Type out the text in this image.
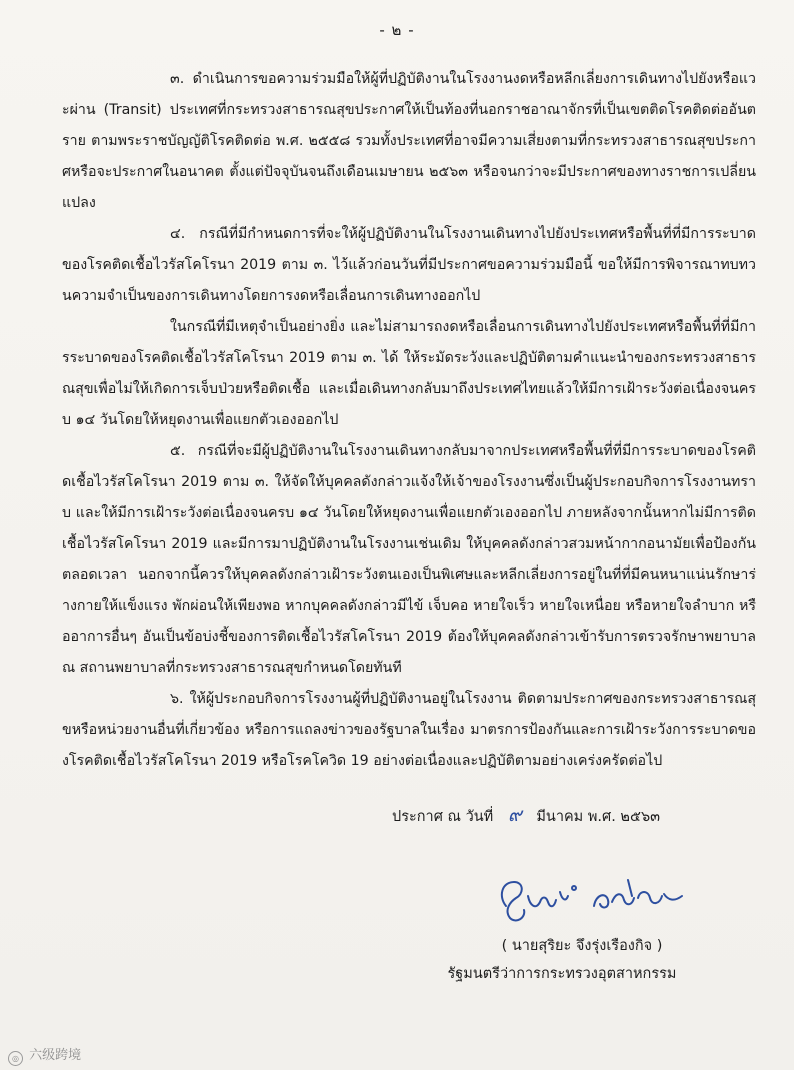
- ๒ -

๓. ดำเนินการขอความร่วมมือให้ผู้ที่ปฏิบัติงานในโรงงานงดหรือหลีกเลี่ยงการเดินทางไปยังหรือแวะผ่าน (Transit) ประเทศที่กระทรวงสาธารณสุขประกาศให้เป็นท้องที่นอกราชอาณาจักรที่เป็นเขตติดโรคติดต่ออันตราย ตามพระราชบัญญัติโรคติดต่อ พ.ศ. ๒๕๕๘ รวมทั้งประเทศที่อาจมีความเสี่ยงตามที่กระทรวงสาธารณสุขประกาศหรือจะประกาศในอนาคต ตั้งแต่ปัจจุบันจนถึงเดือนเมษายน ๒๕๖๓ หรือจนกว่าจะมีประกาศของทางราชการเปลี่ยนแปลง

๔. กรณีที่มีกำหนดการที่จะให้ผู้ปฏิบัติงานในโรงงานเดินทางไปยังประเทศหรือพื้นที่ที่มีการระบาดของโรคติดเชื้อไวรัสโคโรนา 2019 ตาม ๓. ไว้แล้วก่อนวันที่มีประกาศขอความร่วมมือนี้ ขอให้มีการพิจารณาทบทวนความจำเป็นของการเดินทางโดยการงดหรือเลื่อนการเดินทางออกไป

ในกรณีที่มีเหตุจำเป็นอย่างยิ่ง และไม่สามารถงดหรือเลื่อนการเดินทางไปยังประเทศหรือพื้นที่ที่มีการระบาดของโรคติดเชื้อไวรัสโคโรนา 2019 ตาม ๓. ได้ ให้ระมัดระวังและปฏิบัติตามคำแนะนำของกระทรวงสาธารณสุขเพื่อไม่ให้เกิดการเจ็บป่วยหรือติดเชื้อ และเมื่อเดินทางกลับมาถึงประเทศไทยแล้วให้มีการเฝ้าระวังต่อเนื่องจนครบ ๑๔ วันโดยให้หยุดงานเพื่อแยกตัวเองออกไป

๕. กรณีที่จะมีผู้ปฏิบัติงานในโรงงานเดินทางกลับมาจากประเทศหรือพื้นที่ที่มีการระบาดของโรคติดเชื้อไวรัสโคโรนา 2019 ตาม ๓. ให้จัดให้บุคคลดังกล่าวแจ้งให้เจ้าของโรงงานซึ่งเป็นผู้ประกอบกิจการโรงงานทราบ และให้มีการเฝ้าระวังต่อเนื่องจนครบ ๑๔ วันโดยให้หยุดงานเพื่อแยกตัวเองออกไป ภายหลังจากนั้นหากไม่มีการติดเชื้อไวรัสโคโรนา 2019 และมีการมาปฏิบัติงานในโรงงานเช่นเดิม ให้บุคคลดังกล่าวสวมหน้ากากอนามัยเพื่อป้องกันตลอดเวลา นอกจากนี้ควรให้บุคคลดังกล่าวเฝ้าระวังตนเองเป็นพิเศษและหลีกเลี่ยงการอยู่ในที่ที่มีคนหนาแน่นรักษาร่างกายให้แข็งแรง พักผ่อนให้เพียงพอ หากบุคคลดังกล่าวมีไข้ เจ็บคอ หายใจเร็ว หายใจเหนื่อย หรือหายใจลำบาก หรืออาการอื่นๆ อันเป็นข้อบ่งชี้ของการติดเชื้อไวรัสโคโรนา 2019 ต้องให้บุคคลดังกล่าวเข้ารับการตรวจรักษาพยาบาล ณ สถานพยาบาลที่กระทรวงสาธารณสุขกำหนดโดยทันที

๖. ให้ผู้ประกอบกิจการโรงงานผู้ที่ปฏิบัติงานอยู่ในโรงงาน ติดตามประกาศของกระทรวงสาธารณสุขหรือหน่วยงานอื่นที่เกี่ยวข้อง หรือการแถลงข่าวของรัฐบาลในเรื่อง มาตรการป้องกันและการเฝ้าระวังการระบาดของโรคติดเชื้อไวรัสโคโรนา 2019 หรือโรคโควิด 19 อย่างต่อเนื่องและปฏิบัติตามอย่างเคร่งครัดต่อไป

ประกาศ ณ วันที่ ๙ มีนาคม พ.ศ. ๒๕๖๓
( นายสุริยะ จึงรุ่งเรืองกิจ )
รัฐมนตรีว่าการกระทรวงอุตสาหกรรม
◎ 六级跨境
